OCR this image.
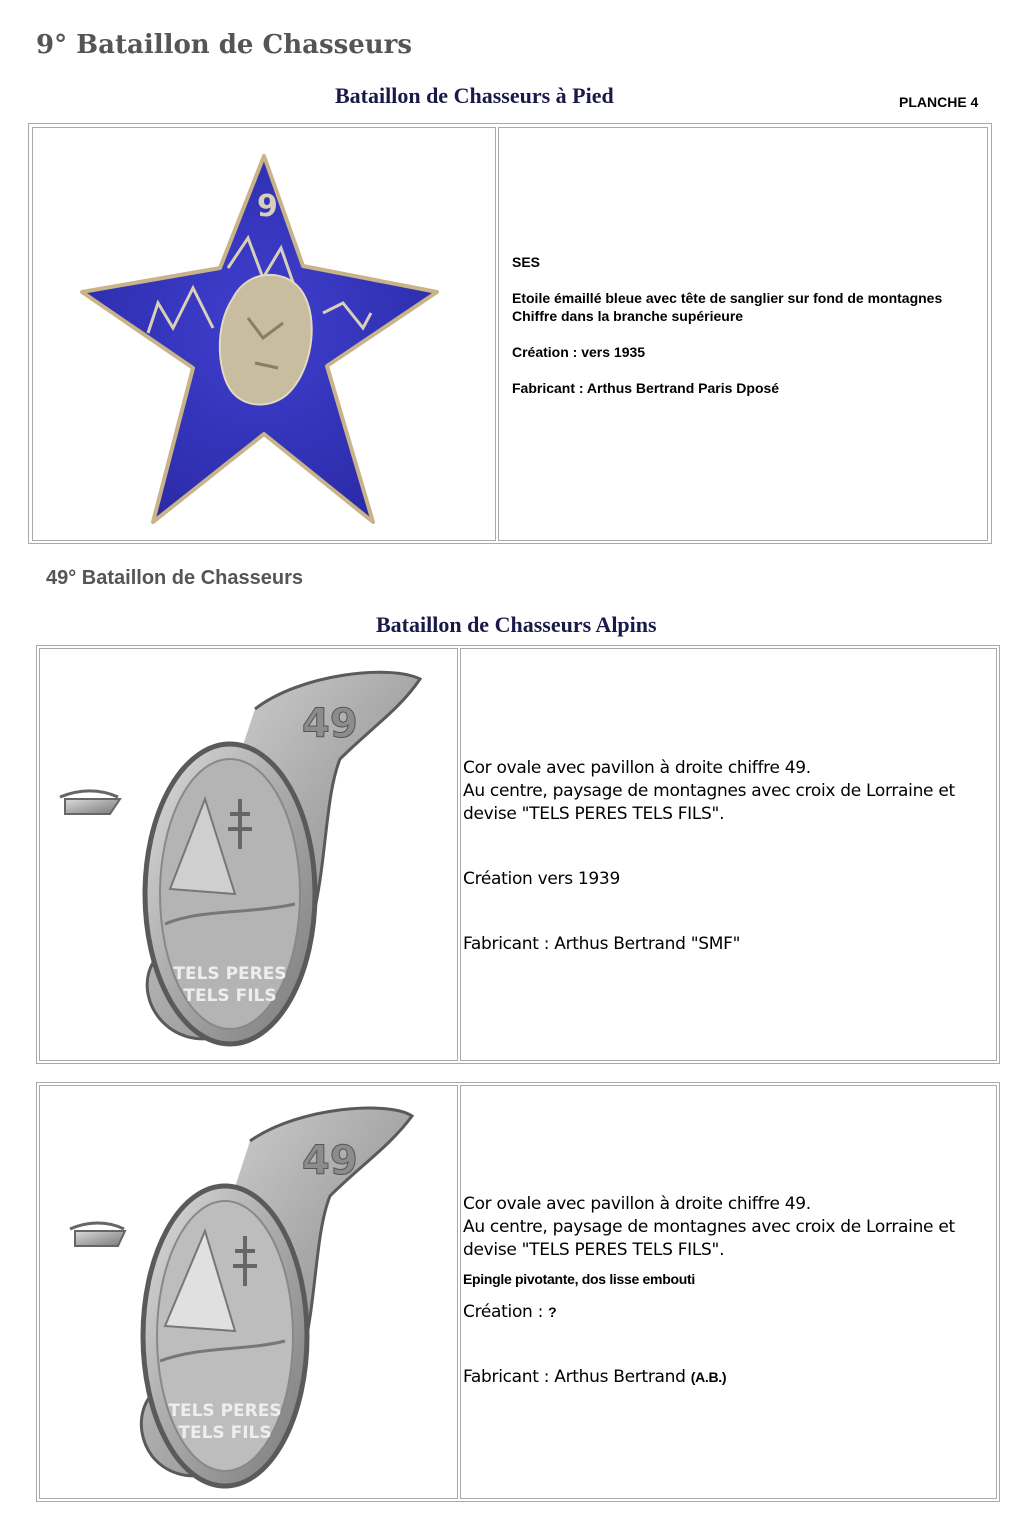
9° Bataillon de Chasseurs
Bataillon de Chasseurs à Pied	PLANCHE 4
9

SES

Etoile émaillé bleue avec tête de sanglier sur fond de montagnes
Chiffre dans la branche supérieure

Création : vers 1935

Fabricant : Arthus Bertrand Paris Dposé

49° Bataillon de Chasseurs
Bataillon de Chasseurs Alpins
49
TELS PERES
TELS FILS

Cor ovale avec pavillon à droite chiffre 49.

Au centre, paysage de montagnes avec croix de Lorraine et devise "TELS PERES TELS FILS".

Création vers 1939

Fabricant : Arthus Bertrand "SMF"

49
TELS PERES
TELS FILS

Cor ovale avec pavillon à droite chiffre 49.

Au centre, paysage de montagnes avec croix de Lorraine et devise "TELS PERES TELS FILS".

Epingle pivotante, dos lisse embouti

Création : ?

Fabricant : Arthus Bertrand (A.B.)
